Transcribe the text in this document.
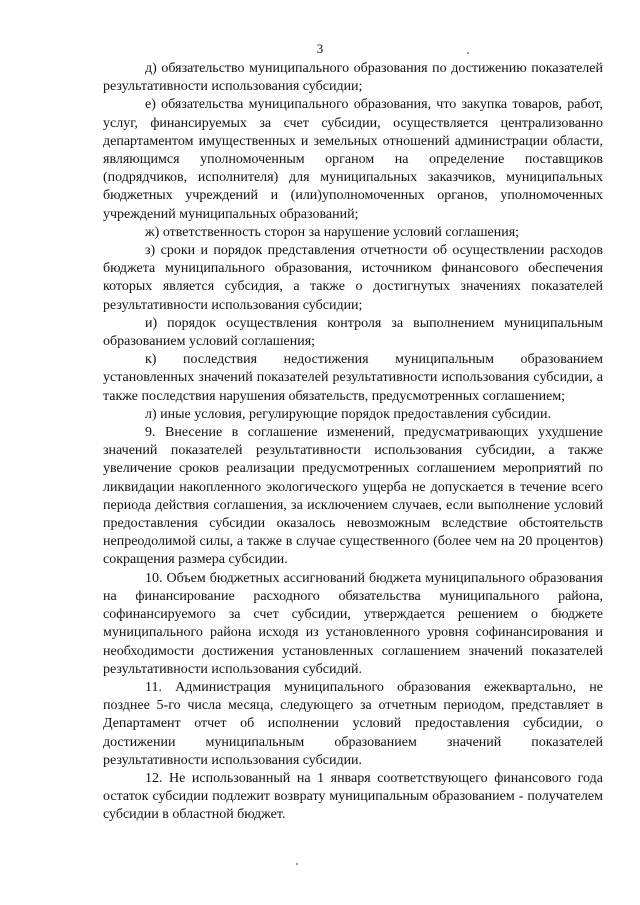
3

д) обязательство муниципального образования по достижению показателей результативности использования субсидии;

е) обязательства муниципального образования, что закупка товаров, работ, услуг, финансируемых за счет субсидии, осуществляется централизованно департаментом имущественных и земельных отношений администрации области, являющимся уполномоченным органом на определение поставщиков (подрядчиков, исполнителя) для муниципальных заказчиков, муниципальных бюджетных учреждений и (или)уполномоченных органов, уполномоченных учреждений муниципальных образований;

ж) ответственность сторон за нарушение условий соглашения;

з) сроки и порядок представления отчетности об осуществлении расходов бюджета муниципального образования, источником финансового обеспечения которых является субсидия, а также о достигнутых значениях показателей результативности использования субсидии;

и) порядок осуществления контроля за выполнением муниципальным образованием условий соглашения;

к) последствия недостижения муниципальным образованием установленных значений показателей результативности использования субсидии, а также последствия нарушения обязательств, предусмотренных соглашением;

л) иные условия, регулирующие порядок предоставления субсидии.

9. Внесение в соглашение изменений, предусматривающих ухудшение значений показателей результативности использования субсидии, а также увеличение сроков реализации предусмотренных соглашением мероприятий по ликвидации накопленного экологического ущерба не допускается в течение всего периода действия соглашения, за исключением случаев, если выполнение условий предоставления субсидии оказалось невозможным вследствие обстоятельств непреодолимой силы, а также в случае существенного (более чем на 20 процентов) сокращения размера субсидии.

10. Объем бюджетных ассигнований бюджета муниципального образования на финансирование расходного обязательства муниципального района, софинансируемого за счет субсидии, утверждается решением о бюджете муниципального района исходя из установленного уровня софинансирования и необходимости достижения установленных соглашением значений показателей результативности использования субсидий.

11. Администрация муниципального образования ежеквартально, не позднее 5-го числа месяца, следующего за отчетным периодом, представляет в Департамент отчет об исполнении условий предоставления субсидии, о достижении муниципальным образованием значений показателей результативности использования субсидии.

12. Не использованный на 1 января соответствующего финансового года остаток субсидии подлежит возврату муниципальным образованием - получателем субсидии в областной бюджет.
